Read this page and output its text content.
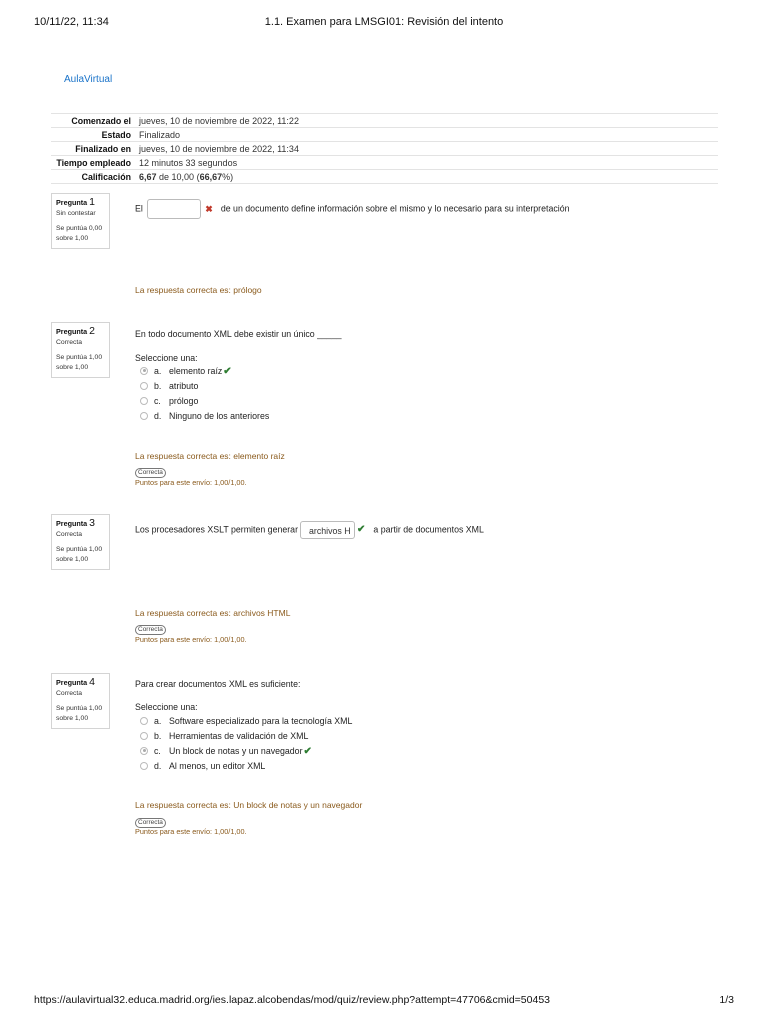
10/11/22, 11:34	1.1. Examen para LMSGI01: Revisión del intento
AulaVirtual
Comenzado el	jueves, 10 de noviembre de 2022, 11:22
Estado	Finalizado
Finalizado en	jueves, 10 de noviembre de 2022, 11:34
Tiempo empleado	12 minutos 33 segundos
Calificación	6,67 de 10,00 (66,67%)
Pregunta 1
Sin contestar
Se puntúa 0,00 sobre 1,00
El	✖ de un documento define información sobre el mismo y lo necesario para su interpretación
La respuesta correcta es: prólogo
Pregunta 2
Correcta
Se puntúa 1,00 sobre 1,00
En todo documento XML debe existir un único _____
Seleccione una:
a. elemento raíz✔
b. atributo
c. prólogo
d. Ninguno de los anteriores
La respuesta correcta es: elemento raíz
Correcta
Puntos para este envío: 1,00/1,00.
Pregunta 3
Correcta
Se puntúa 1,00 sobre 1,00
Los procesadores XSLT permiten generar archivos H ✔ a partir de documentos XML
La respuesta correcta es: archivos HTML
Correcta
Puntos para este envío: 1,00/1,00.
Pregunta 4
Correcta
Se puntúa 1,00 sobre 1,00
Para crear documentos XML es suficiente:
Seleccione una:
a. Software especializado para la tecnología XML
b. Herramientas de validación de XML
c. Un block de notas y un navegador✔
d. Al menos, un editor XML
La respuesta correcta es: Un block de notas y un navegador
Correcta
Puntos para este envío: 1,00/1,00.
https://aulavirtual32.educa.madrid.org/ies.lapaz.alcobendas/mod/quiz/review.php?attempt=47706&cmid=50453	1/3
